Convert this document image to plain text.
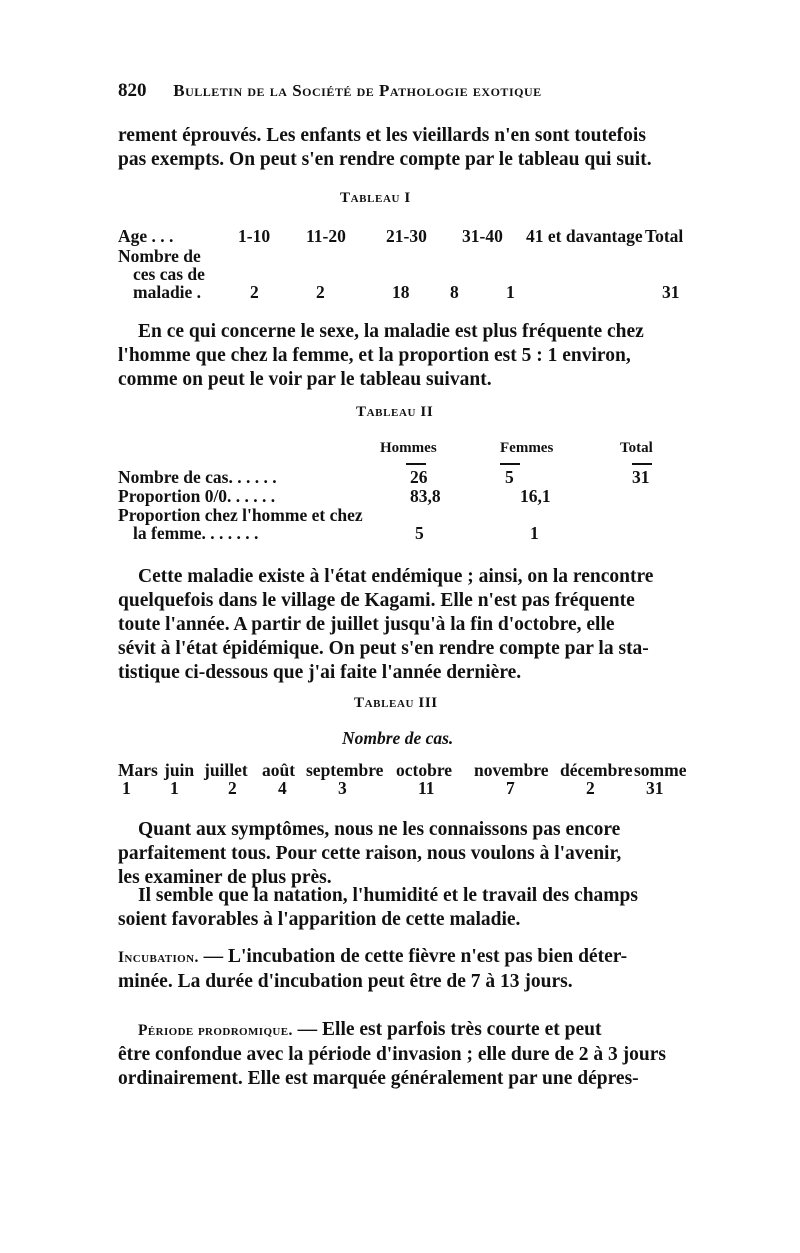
820 Bulletin de la Société de Pathologie exotique
rement éprouvés. Les enfants et les vieillards n'en sont toutefois
pas exempts. On peut s'en rendre compte par le tableau qui suit.
Tableau I
Age . . .	1-10 11-20 21-30 31-40 41 et davantage Total
Nombre de
ces cas de
maladie .	2	2	18 8	1	31
En ce qui concerne le sexe, la maladie est plus fréquente chez
l'homme que chez la femme, et la proportion est 5 : 1 environ,
comme on peut le voir par le tableau suivant.
Tableau II
Hommes	Femmes	Total
Nombre de cas. . . . . .	26	5	31
Proportion 0/0. . . . . .	83,8	16,1
Proportion chez l'homme et chez
la femme. . . . . . .	5	1
Cette maladie existe à l'état endémique ; ainsi, on la rencontre
quelquefois dans le village de Kagami. Elle n'est pas fréquente
toute l'année. A partir de juillet jusqu'à la fin d'octobre, elle
sévit à l'état épidémique. On peut s'en rendre compte par la sta-
tistique ci-dessous que j'ai faite l'année dernière.
Tableau III
Nombre de cas.
Mars juin juillet août septembre octobre novembre décembre somme
1 1	2 4	3	11	7	2	31
Quant aux symptômes, nous ne les connaissons pas encore
parfaitement tous. Pour cette raison, nous voulons à l'avenir,
les examiner de plus près.
Il semble que la natation, l'humidité et le travail des champs
soient favorables à l'apparition de cette maladie.
Incubation. — L'incubation de cette fièvre n'est pas bien déter-
minée. La durée d'incubation peut être de 7 à 13 jours.
Période prodromique. — Elle est parfois très courte et peut
être confondue avec la période d'invasion ; elle dure de 2 à 3 jours
ordinairement. Elle est marquée généralement par une dépres-
